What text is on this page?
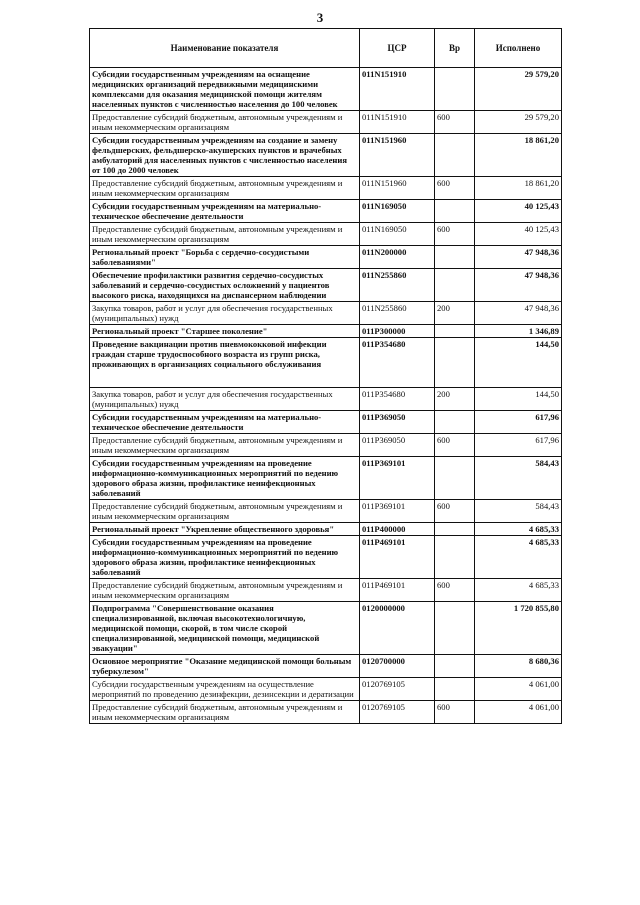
3
Наименование показателя	ЦСР	Вр	Исполнено
Субсидии государственным учреждениям на оснащение медицинских организаций передвижными медицинскими комплексами для оказания медицинской помощи жителям населенных пунктов с численностью населения до 100 человек	011N151910		29 579,20
Предоставление субсидий бюджетным, автономным учреждениям и иным некоммерческим организациям	011N151910	600	29 579,20
Субсидии государственным учреждениям на создание и замену фельдшерских, фельдшерско-акушерских пунктов и врачебных амбулаторий для населенных пунктов с численностью населения от 100 до 2000 человек	011N151960		18 861,20
Предоставление субсидий бюджетным, автономным учреждениям и иным некоммерческим организациям	011N151960	600	18 861,20
Субсидии государственным учреждениям на материально-техническое обеспечение деятельности	011N169050		40 125,43
Предоставление субсидий бюджетным, автономным учреждениям и иным некоммерческим организациям	011N169050	600	40 125,43
Региональный проект "Борьба с сердечно-сосудистыми заболеваниями"	011N200000		47 948,36
Обеспечение профилактики развития сердечно-сосудистых заболеваний и сердечно-сосудистых осложнений у пациентов высокого риска, находящихся на диспансерном наблюдении	011N255860		47 948,36
Закупка товаров, работ и услуг для обеспечения государственных (муниципальных) нужд	011N255860	200	47 948,36
Региональный проект "Старшее поколение"	011P300000		1 346,89
Проведение вакцинации против пневмококковой инфекции граждан старше трудоспособного возраста из групп риска, проживающих в организациях социального обслуживания	011P354680		144,50
Закупка товаров, работ и услуг для обеспечения государственных (муниципальных) нужд	011P354680	200	144,50
Субсидии государственным учреждениям на материально-техническое обеспечение деятельности	011P369050		617,96
Предоставление субсидий бюджетным, автономным учреждениям и иным некоммерческим организациям	011P369050	600	617,96
Субсидии государственным учреждениям на проведение информационно-коммуникационных мероприятий по ведению здорового образа жизни, профилактике неинфекционных заболеваний	011P369101		584,43
Предоставление субсидий бюджетным, автономным учреждениям и иным некоммерческим организациям	011P369101	600	584,43
Региональный проект "Укрепление общественного здоровья"	011P400000		4 685,33
Субсидии государственным учреждениям на проведение информационно-коммуникационных мероприятий по ведению здорового образа жизни, профилактике неинфекционных заболеваний	011P469101		4 685,33
Предоставление субсидий бюджетным, автономным учреждениям и иным некоммерческим организациям	011P469101	600	4 685,33
Подпрограмма "Совершенствование оказания специализированной, включая высокотехнологичную, медицинской помощи, скорой, в том числе скорой специализированной, медицинской помощи, медицинской эвакуации"	0120000000		1 720 855,80
Основное мероприятие "Оказание медицинской помощи больным туберкулезом"	0120700000		8 680,36
Субсидии государственным учреждениям на осуществление мероприятий по проведению дезинфекции, дезинсекции и дератизации	0120769105		4 061,00
Предоставление субсидий бюджетным, автономным учреждениям и иным некоммерческим организациям	0120769105	600	4 061,00
